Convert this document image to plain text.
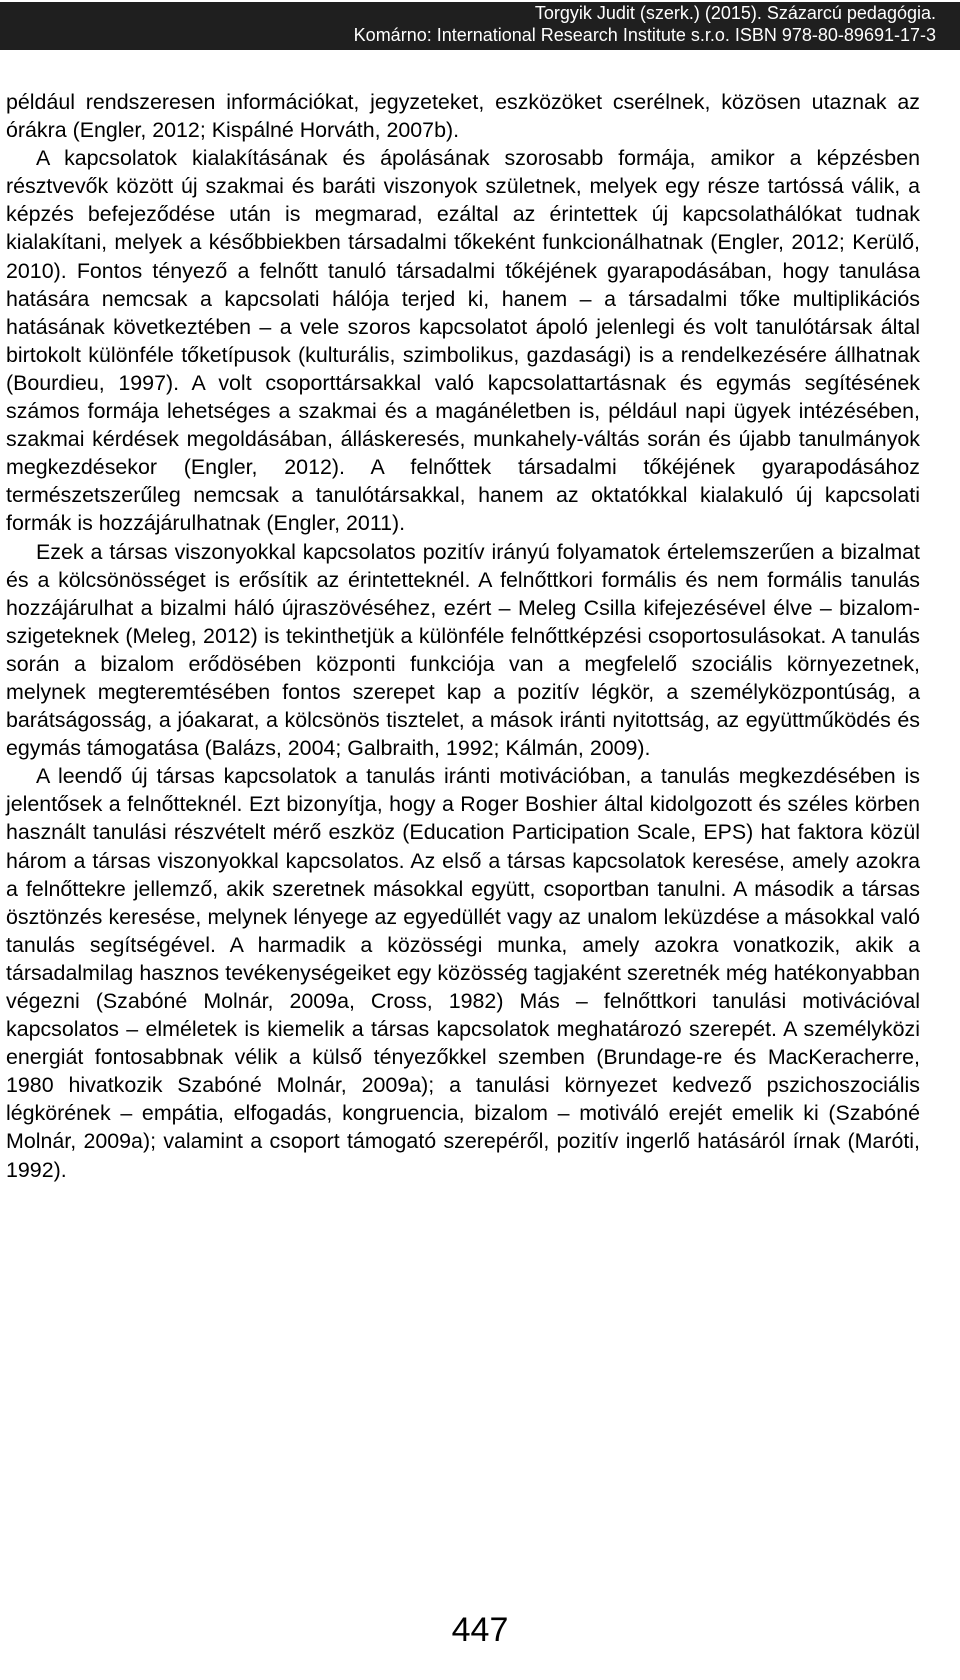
Torgyik Judit (szerk.) (2015). Százarcú pedagógia.
Komárno: International Research Institute s.r.o. ISBN 978-80-89691-17-3

például rendszeresen információkat, jegyzeteket, eszközöket cserélnek, közösen utaznak az órákra (Engler, 2012; Kispálné Horváth, 2007b).

A kapcsolatok kialakításának és ápolásának szorosabb formája, amikor a képzésben résztvevők között új szakmai és baráti viszonyok születnek, melyek egy része tartóssá válik, a képzés befejeződése után is megmarad, ezáltal az érintettek új kapcsolathálókat tudnak kialakítani, melyek a későbbiekben társadalmi tőkeként funkcionálhatnak (Engler, 2012; Kerülő, 2010). Fontos tényező a felnőtt tanuló társadalmi tőkéjének gyarapodásában, hogy tanulása hatására nemcsak a kapcsolati hálója terjed ki, hanem – a társadalmi tőke multiplikációs hatásának következtében – a vele szoros kapcsolatot ápoló jelenlegi és volt tanulótársak által birtokolt különféle tőketípusok (kulturális, szimbolikus, gazdasági) is a rendelkezésére állhatnak (Bourdieu, 1997). A volt csoporttársakkal való kapcsolattartásnak és egymás segítésének számos formája lehetséges a szakmai és a magánéletben is, például napi ügyek intézésében, szakmai kérdések megoldásában, álláskeresés, munkahely-váltás során és újabb tanulmányok megkezdésekor (Engler, 2012). A felnőttek társadalmi tőkéjének gyarapodásához természetszerűleg nemcsak a tanulótársakkal, hanem az oktatókkal kialakuló új kapcsolati formák is hozzájárulhatnak (Engler, 2011).

Ezek a társas viszonyokkal kapcsolatos pozitív irányú folyamatok értelemszerűen a bizalmat és a kölcsönösséget is erősítik az érintetteknél. A felnőttkori formális és nem formális tanulás hozzájárulhat a bizalmi háló újraszövéséhez, ezért – Meleg Csilla kifejezésével élve – bizalom-szigeteknek (Meleg, 2012) is tekinthetjük a különféle felnőttképzési csoportosulásokat. A tanulás során a bizalom erődösében központi funkciója van a megfelelő szociális környezetnek, melynek megteremtésében fontos szerepet kap a pozitív légkör, a személyközpontúság, a barátságosság, a jóakarat, a kölcsönös tisztelet, a mások iránti nyitottság, az együttműködés és egymás támogatása (Balázs, 2004; Galbraith, 1992; Kálmán, 2009).

A leendő új társas kapcsolatok a tanulás iránti motivációban, a tanulás megkezdésében is jelentősek a felnőtteknél. Ezt bizonyítja, hogy a Roger Boshier által kidolgozott és széles körben használt tanulási részvételt mérő eszköz (Education Participation Scale, EPS) hat faktora közül három a társas viszonyokkal kapcsolatos. Az első a társas kapcsolatok keresése, amely azokra a felnőttekre jellemző, akik szeretnek másokkal együtt, csoportban tanulni. A második a társas ösztönzés keresése, melynek lényege az egyedüllét vagy az unalom leküzdése a másokkal való tanulás segítségével. A harmadik a közösségi munka, amely azokra vonatkozik, akik a társadalmilag hasznos tevékenységeiket egy közösség tagjaként szeretnék még hatékonyabban végezni (Szabóné Molnár, 2009a, Cross, 1982) Más – felnőttkori tanulási motivációval kapcsolatos – elméletek is kiemelik a társas kapcsolatok meghatározó szerepét. A személyközi energiát fontosabbnak vélik a külső tényezőkkel szemben (Brundage-re és MacKeracherre, 1980 hivatkozik Szabóné Molnár, 2009a); a tanulási környezet kedvező pszichoszociális légkörének – empátia, elfogadás, kongruencia, bizalom – motiváló erejét emelik ki (Szabóné Molnár, 2009a); valamint a csoport támogató szerepéről, pozitív ingerlő hatásáról írnak (Maróti, 1992).

447
